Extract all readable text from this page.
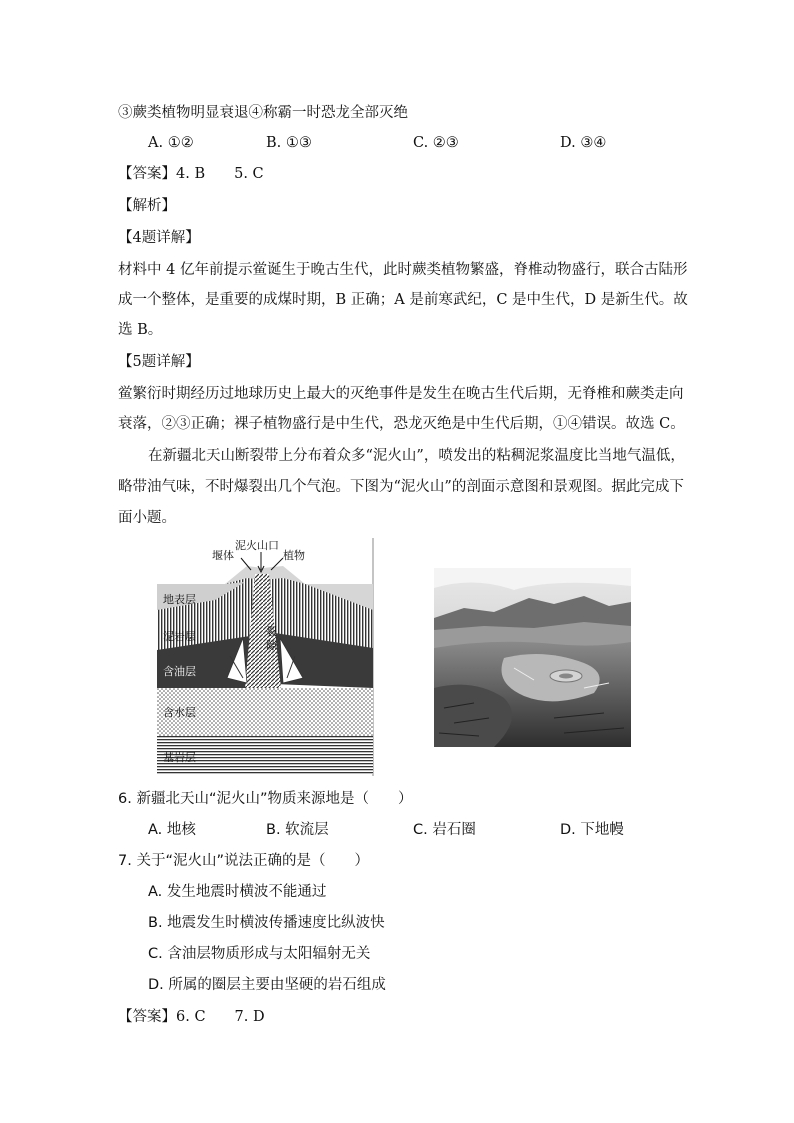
③蕨类植物明显衰退④称霸一时恐龙全部灭绝
A. ①②	B. ①③	C. ②③	D. ③④
【答案】4. B　　5. C
【解析】
【4题详解】
材料中 4 亿年前提示鲎诞生于晚古生代，此时蕨类植物繁盛，脊椎动物盛行，联合古陆形
成一个整体，是重要的成煤时期，B 正确；A 是前寒武纪，C 是中生代，D 是新生代。故
选 B。
【5题详解】
鲎繁衍时期经历过地球历史上最大的灭绝事件是发生在晚古生代后期，无脊椎和蕨类走向
衰落，②③正确；裸子植物盛行是中生代，恐龙灭绝是中生代后期，①④错误。故选 C。
在新疆北天山断裂带上分布着众多“泥火山”，喷发出的粘稠泥浆温度比当地气温低，
略带油气味，不时爆裂出几个气泡。下图为“泥火山”的剖面示意图和景观图。据此完成下
面小题。
泥火山口
堰体	植物
地表层
泥岩层
含油层
含水层
基岩层
裂
隙
6. 新疆北天山“泥火山”物质来源地是（　　）
A. 地核	B. 软流层	C. 岩石圈	D. 下地幔
7. 关于“泥火山”说法正确的是（　　）
A. 发生地震时横波不能通过
B. 地震发生时横波传播速度比纵波快
C. 含油层物质形成与太阳辐射无关
D. 所属的圈层主要由坚硬的岩石组成
【答案】6. C　　7. D
